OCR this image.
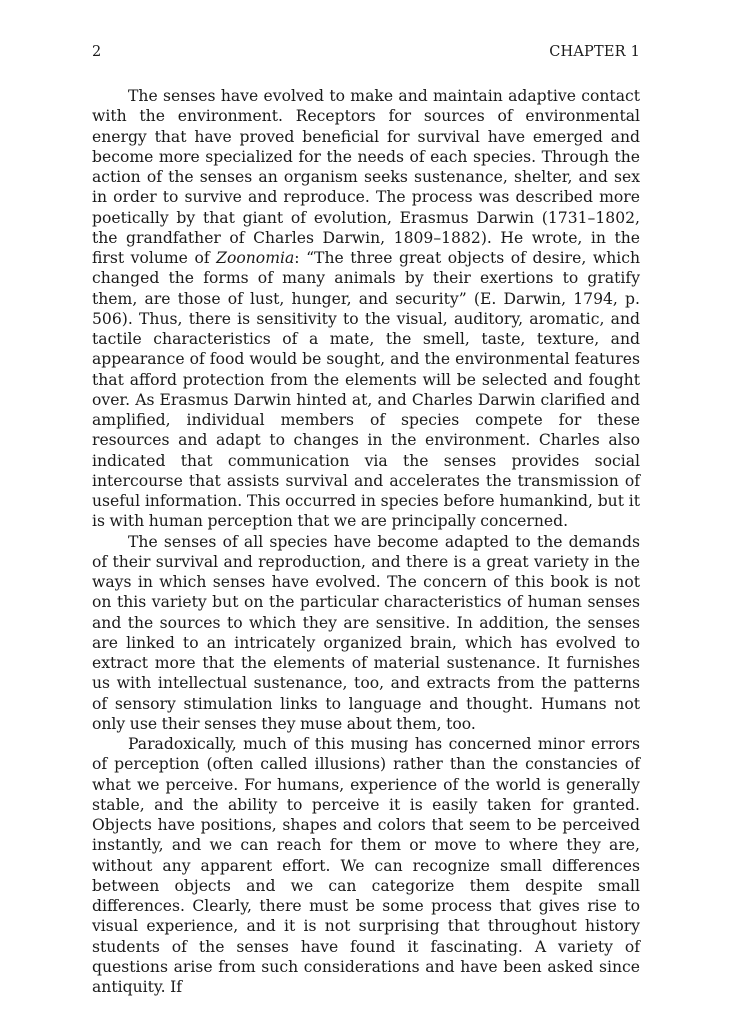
2	CHAPTER 1

The senses have evolved to make and maintain adaptive contact with the environment. Receptors for sources of environmental energy that have proved beneficial for survival have emerged and become more specialized for the needs of each species. Through the action of the senses an organism seeks sustenance, shelter, and sex in order to survive and reproduce. The process was described more poetically by that giant of evolution, Erasmus Darwin (1731–1802, the grandfather of Charles Darwin, 1809–1882). He wrote, in the first volume of Zoonomia: “The three great objects of desire, which changed the forms of many animals by their exertions to gratify them, are those of lust, hunger, and security” (E. Darwin, 1794, p. 506). Thus, there is sensitivity to the visual, auditory, aromatic, and tactile characteristics of a mate, the smell, taste, texture, and appearance of food would be sought, and the environmental features that afford protection from the elements will be selected and fought over. As Erasmus Darwin hinted at, and Charles Darwin clarified and amplified, individual members of species compete for these resources and adapt to changes in the environment. Charles also indicated that communication via the senses provides social intercourse that assists survival and accelerates the transmission of useful information. This occurred in species before humankind, but it is with human perception that we are principally concerned.

The senses of all species have become adapted to the demands of their survival and reproduction, and there is a great variety in the ways in which senses have evolved. The concern of this book is not on this variety but on the particular characteristics of human senses and the sources to which they are sensitive. In addition, the senses are linked to an intricately organized brain, which has evolved to extract more that the elements of material sustenance. It furnishes us with intellectual sustenance, too, and extracts from the patterns of sensory stimulation links to language and thought. Humans not only use their senses they muse about them, too.

Paradoxically, much of this musing has concerned minor errors of perception (often called illusions) rather than the constancies of what we perceive. For humans, experience of the world is generally stable, and the ability to perceive it is easily taken for granted. Objects have positions, shapes and colors that seem to be perceived instantly, and we can reach for them or move to where they are, without any apparent effort. We can recognize small differences between objects and we can categorize them despite small differences. Clearly, there must be some process that gives rise to visual experience, and it is not surprising that throughout history students of the senses have found it fascinating. A variety of questions arise from such considerations and have been asked since antiquity. If
